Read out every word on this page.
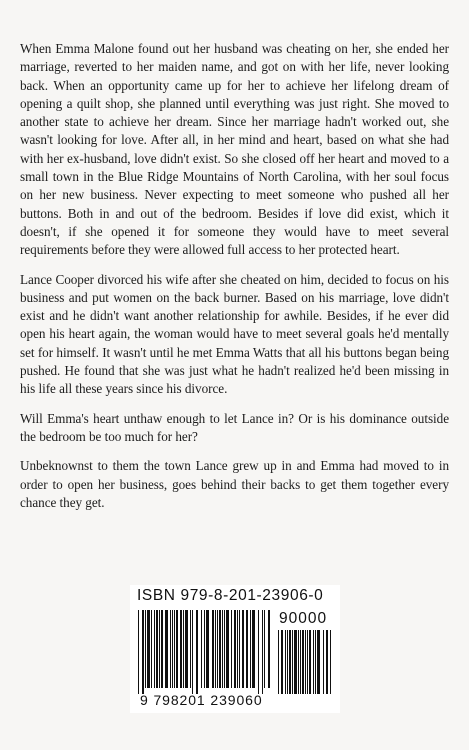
When Emma Malone found out her husband was cheating on her, she ended her marriage, reverted to her maiden name, and got on with her life, never looking back. When an opportunity came up for her to achieve her lifelong dream of opening a quilt shop, she planned until everything was just right. She moved to another state to achieve her dream. Since her marriage hadn't worked out, she wasn't looking for love. After all, in her mind and heart, based on what she had with her ex-husband, love didn't exist. So she closed off her heart and moved to a small town in the Blue Ridge Mountains of North Carolina, with her soul focus on her new business. Never expecting to meet someone who pushed all her buttons. Both in and out of the bedroom. Besides if love did exist, which it doesn't, if she opened it for someone they would have to meet several requirements before they were allowed full access to her protected heart.

Lance Cooper divorced his wife after she cheated on him, decided to focus on his business and put women on the back burner. Based on his marriage, love didn't exist and he didn't want another relationship for awhile. Besides, if he ever did open his heart again, the woman would have to meet several goals he'd mentally set for himself. It wasn't until he met Emma Watts that all his buttons began being pushed. He found that she was just what he hadn't realized he'd been missing in his life all these years since his divorce.

Will Emma's heart unthaw enough to let Lance in? Or is his dominance outside the bedroom be too much for her?

Unbeknownst to them the town Lance grew up in and Emma had moved to in order to open her business, goes behind their backs to get them together every chance they get.

ISBN 979-8-201-23906-0
90000
9 798201 239060
